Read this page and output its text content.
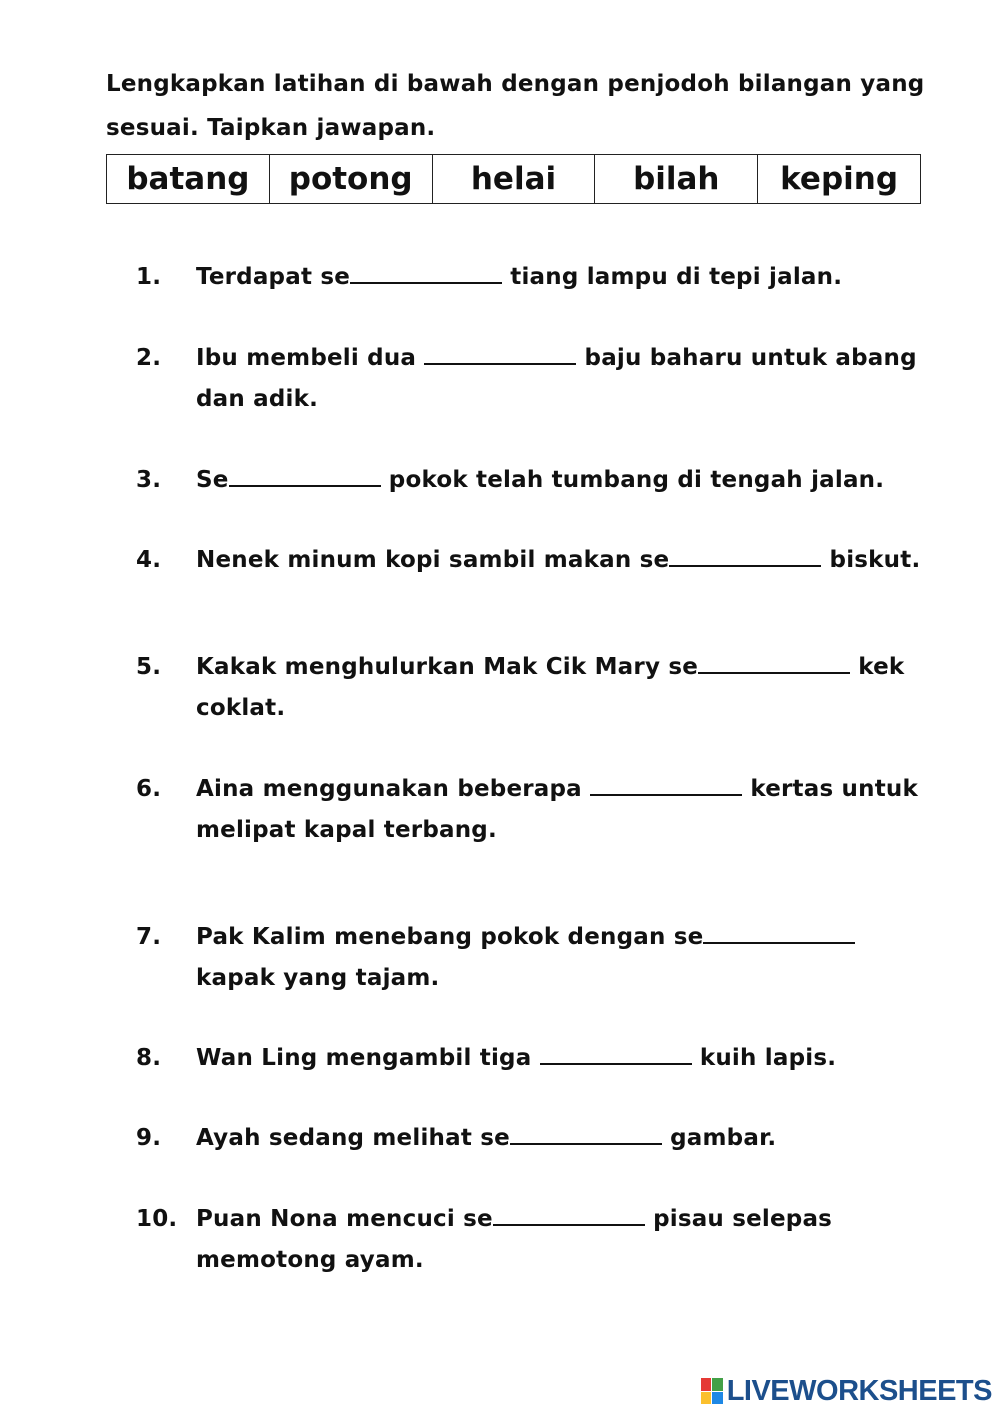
Lengkapkan latihan di bawah dengan penjodoh bilangan yang sesuai. Taipkan jawapan.
batang	potong	helai	bilah	keping
1. Terdapat se	tiang lampu di tepi jalan.
2. Ibu membeli dua	baju baharu untuk abang dan adik.
3. Se	pokok telah tumbang di tengah jalan.
4. Nenek minum kopi sambil makan se	biskut.
5. Kakak menghulurkan Mak Cik Mary se	kek coklat.
6. Aina menggunakan beberapa	kertas untuk melipat kapal terbang.
7. Pak Kalim menebang pokok dengan se kapak yang tajam.
8. Wan Ling mengambil tiga	kuih lapis.
9. Ayah sedang melihat se	gambar.
10. Puan Nona mencuci se	pisau selepas memotong ayam.
LIVEWORKSHEETS
